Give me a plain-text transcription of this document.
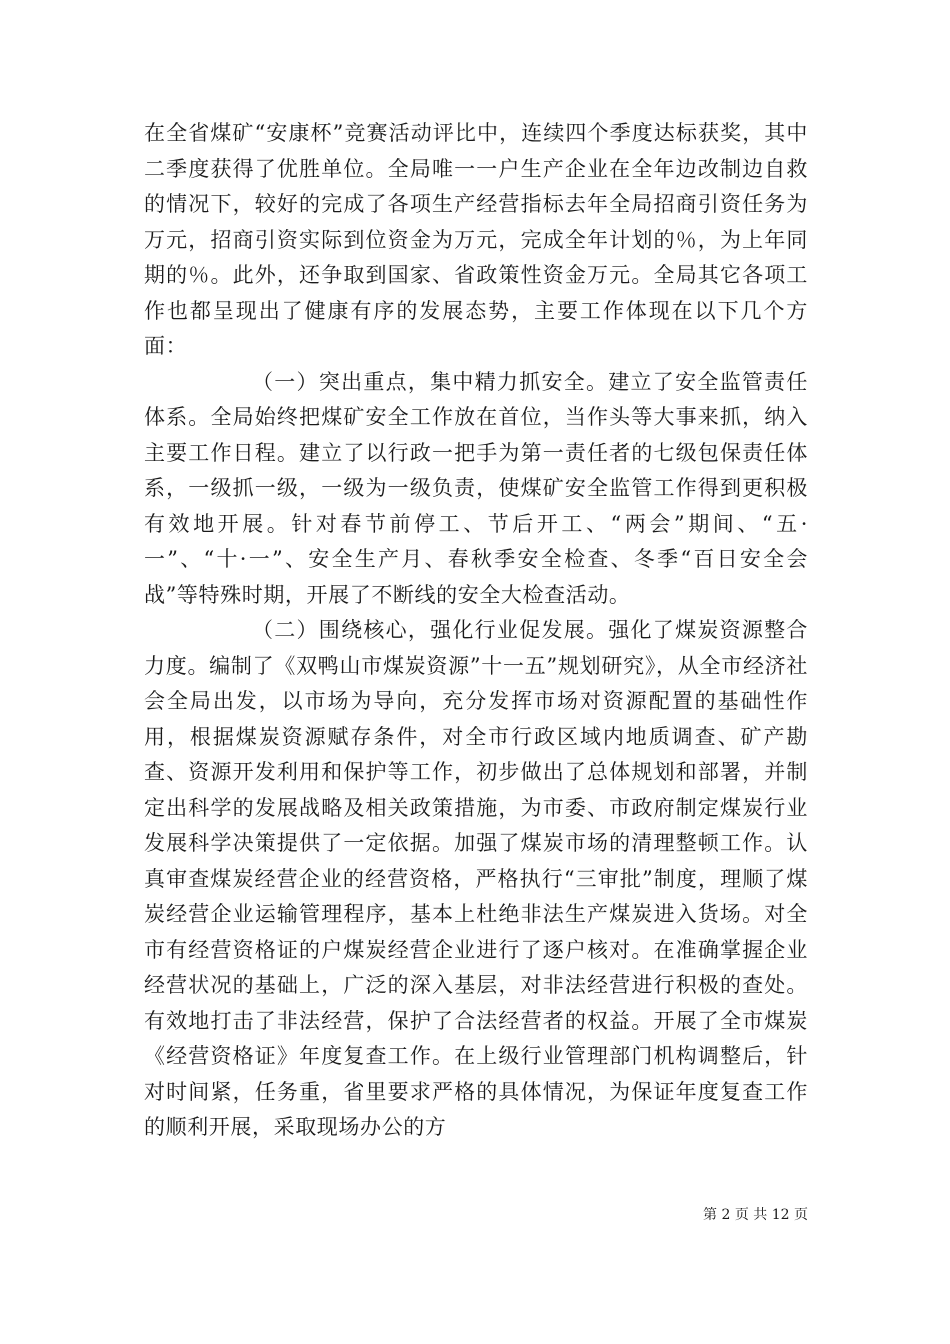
在全省煤矿“安康杯”竞赛活动评比中，连续四个季度达标获奖，其中二季度获得了优胜单位。全局唯一一户生产企业在全年边改制边自救的情况下，较好的完成了各项生产经营指标去年全局招商引资任务为万元，招商引资实际到位资金为万元，完成全年计划的％，为上年同期的％。此外，还争取到国家、省政策性资金万元。全局其它各项工作也都呈现出了健康有序的发展态势，主要工作体现在以下几个方面：

（一）突出重点，集中精力抓安全。建立了安全监管责任体系。全局始终把煤矿安全工作放在首位，当作头等大事来抓，纳入主要工作日程。建立了以行政一把手为第一责任者的七级包保责任体系，一级抓一级，一级为一级负责，使煤矿安全监管工作得到更积极有效地开展。针对春节前停工、节后开工、“两会”期间、“五·一”、“十·一”、安全生产月、春秋季安全检查、冬季“百日安全会战”等特殊时期，开展了不断线的安全大检查活动。

（二）围绕核心，强化行业促发展。强化了煤炭资源整合力度。编制了《双鸭山市煤炭资源”十一五”规划研究》，从全市经济社会全局出发，以市场为导向，充分发挥市场对资源配置的基础性作用，根据煤炭资源赋存条件，对全市行政区域内地质调查、矿产勘查、资源开发利用和保护等工作，初步做出了总体规划和部署，并制定出科学的发展战略及相关政策措施，为市委、市政府制定煤炭行业发展科学决策提供了一定依据。加强了煤炭市场的清理整顿工作。认真审查煤炭经营企业的经营资格，严格执行“三审批”制度，理顺了煤炭经营企业运输管理程序，基本上杜绝非法生产煤炭进入货场。对全市有经营资格证的户煤炭经营企业进行了逐户核对。在准确掌握企业经营状况的基础上，广泛的深入基层，对非法经营进行积极的查处。有效地打击了非法经营，保护了合法经营者的权益。开展了全市煤炭《经营资格证》年度复查工作。在上级行业管理部门机构调整后，针对时间紧，任务重，省里要求严格的具体情况，为保证年度复查工作的顺利开展，采取现场办公的方

第 2 页 共 12 页
